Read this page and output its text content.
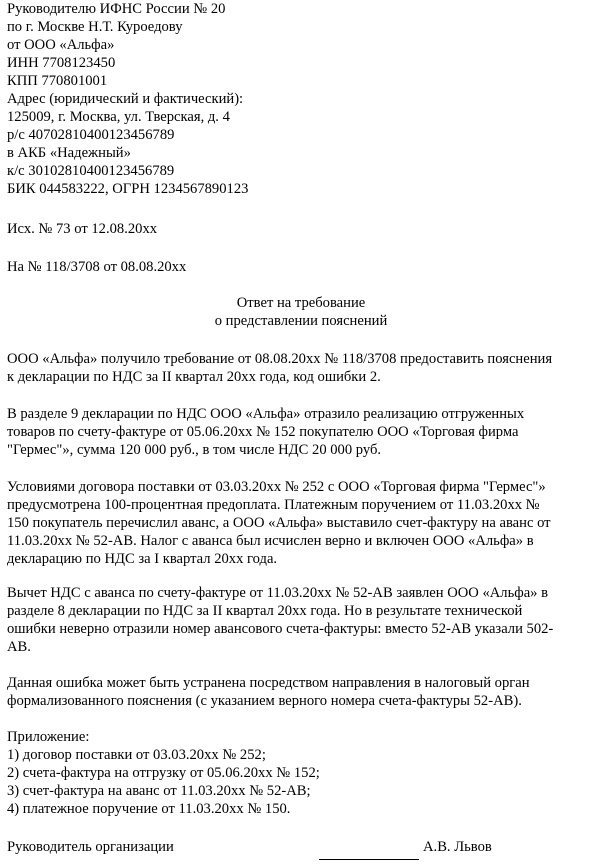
Руководителю ИФНС России № 20
по г. Москве Н.Т. Куроедову
от ООО «Альфа»
ИНН 7708123450
КПП 770801001
Адрес (юридический и фактический):
125009, г. Москва, ул. Тверская, д. 4
р/с 40702810400123456789
в АКБ «Надежный»
к/с 30102810400123456789
БИК 044583222, ОГРН 1234567890123
Исх. № 73 от 12.08.20xx
На № 118/3708 от 08.08.20xx
Ответ на требование
о представлении пояснений
ООО «Альфа» получило требование от 08.08.20xx № 118/3708 предоставить пояснения
к декларации по НДС за II квартал 20xx года, код ошибки 2.
В разделе 9 декларации по НДС ООО «Альфа» отразило реализацию отгруженных
товаров по счету-фактуре от 05.06.20xx № 152 покупателю ООО «Торговая фирма
"Гермес"», сумма 120 000 руб., в том числе НДС 20 000 руб.
Условиями договора поставки от 03.03.20xx № 252 с ООО «Торговая фирма "Гермес"»
предусмотрена 100-процентная предоплата. Платежным поручением от 11.03.20xx №
150 покупатель перечислил аванс, а ООО «Альфа» выставило счет-фактуру на аванс от
11.03.20xx № 52-АВ. Налог с аванса был исчислен верно и включен ООО «Альфа» в
декларацию по НДС за I квартал 20xx года.
Вычет НДС с аванса по счету-фактуре от 11.03.20xx № 52-АВ заявлен ООО «Альфа» в
разделе 8 декларации по НДС за II квартал 20xx года. Но в результате технической
ошибки неверно отразили номер авансового счета-фактуры: вместо 52-АВ указали 502-
АВ.
Данная ошибка может быть устранена посредством направления в налоговый орган
формализованного пояснения (с указанием верного номера счета-фактуры 52-АВ).
Приложение:
1) договор поставки от 03.03.20xx № 252;
2) счета-фактура на отгрузку от 05.06.20xx № 152;
3) счет-фактура на аванс от 11.03.20xx № 52-АВ;
4) платежное поручение от 11.03.20xx № 150.
Руководитель организации	А.В. Львов
